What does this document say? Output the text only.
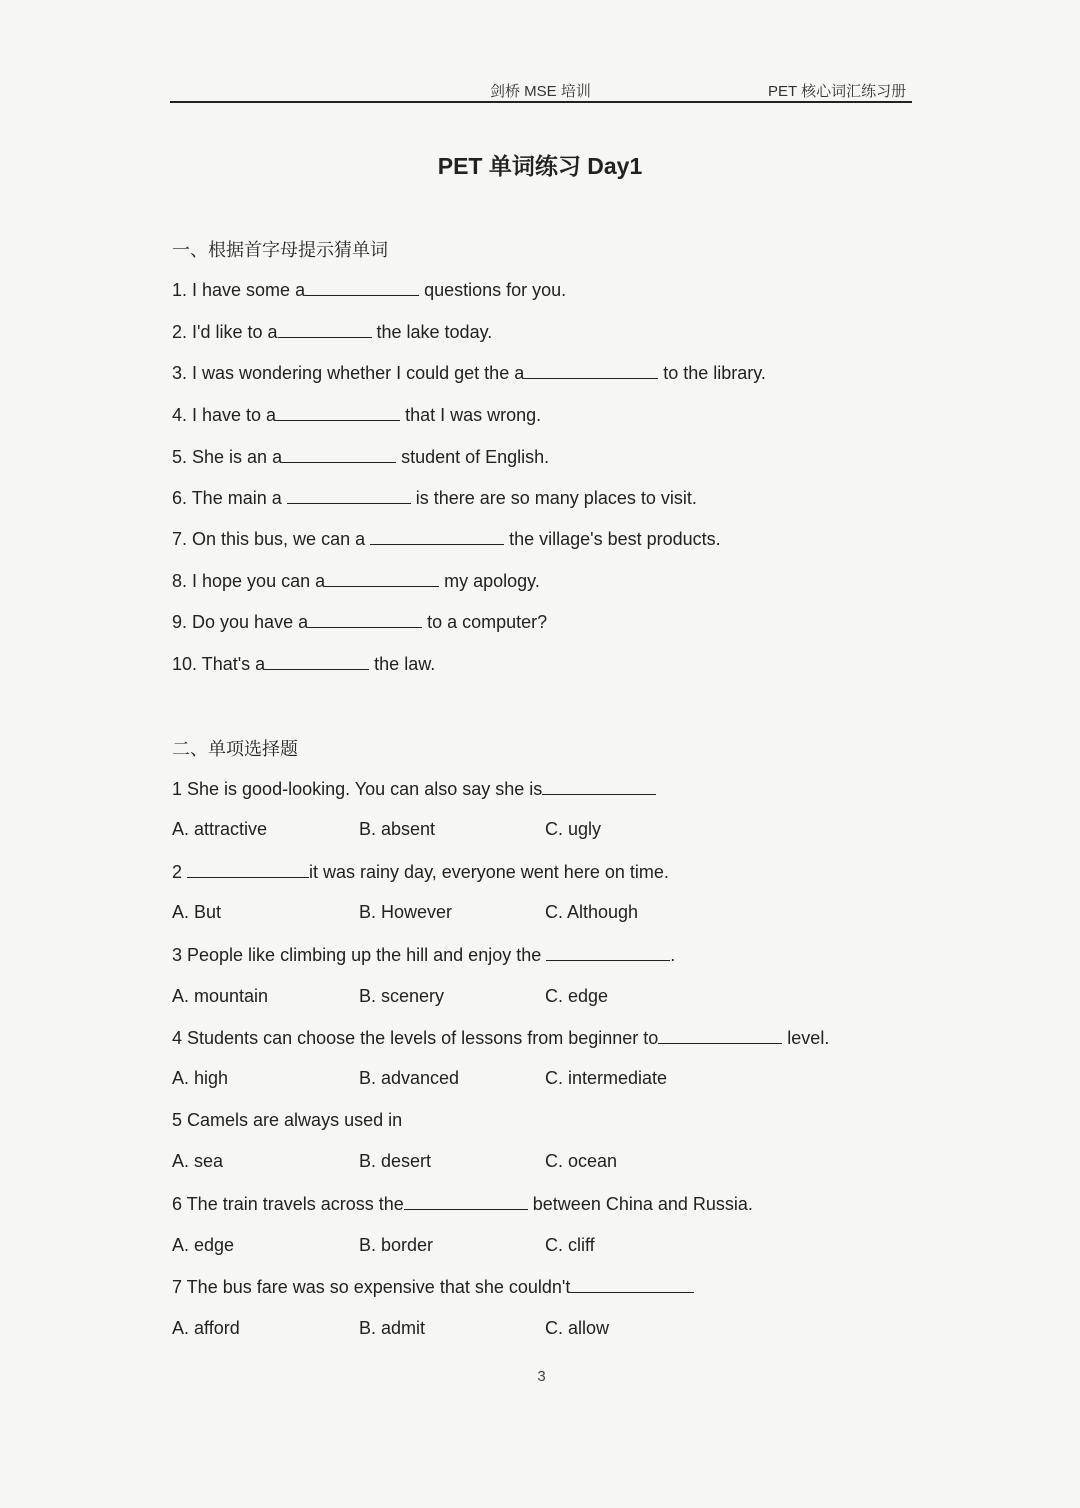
剑桥 MSE 培训	PET 核心词汇练习册
PET 单词练习 Day1
一、根据首字母提示猜单词
1. I have some a	questions for you.
2. I'd like to a	the lake today.
3. I was wondering whether I could get the a	to the library.
4. I have to a	that I was wrong.
5. She is an a	student of English.
6. The main a	is there are so many places to visit.
7. On this bus, we can a	the village's best products.
8. I hope you can a	my apology.
9. Do you have a	to a computer?
10. That's a	the law.
二、单项选择题
1 She is good-looking. You can also say she is
A. attractive	B. absent	C. ugly
2	it was rainy day, everyone went here on time.
A. But	B. However	C. Although
3 People like climbing up the hill and enjoy the	.
A. mountain	B. scenery	C. edge
4 Students can choose the levels of lessons from beginner to	level.
A. high	B. advanced	C. intermediate
5 Camels are always used in
A. sea	B. desert	C. ocean
6 The train travels across the	between China and Russia.
A. edge	B. border	C. cliff
7 The bus fare was so expensive that she couldn't
A. afford	B. admit	C. allow
3
